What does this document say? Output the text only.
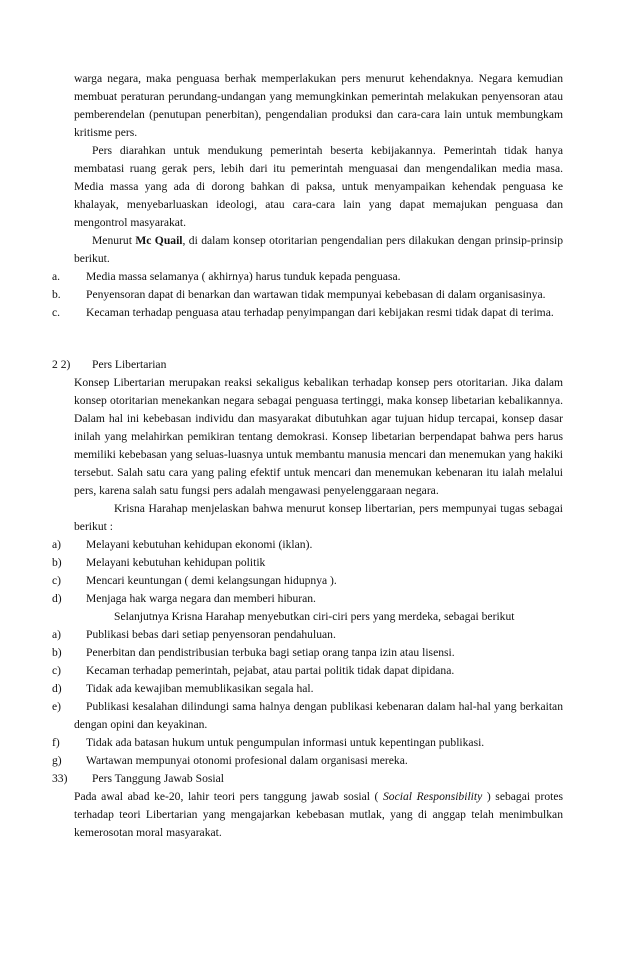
warga negara, maka penguasa berhak memperlakukan pers menurut kehendaknya. Negara kemudian membuat peraturan perundang-undangan yang memungkinkan pemerintah melakukan penyensoran atau pemberendelan (penutupan penerbitan), pengendalian produksi dan cara-cara lain untuk membungkam kritisme pers.

Pers diarahkan untuk mendukung pemerintah beserta kebijakannya. Pemerintah tidak hanya membatasi ruang gerak pers, lebih dari itu pemerintah menguasai dan mengendalikan media masa. Media massa yang ada di dorong bahkan di paksa, untuk menyampaikan kehendak penguasa ke khalayak, menyebarluaskan ideologi, atau cara-cara lain yang dapat memajukan penguasa dan mengontrol masyarakat.

Menurut Mc Quail, di dalam konsep otoritarian pengendalian pers dilakukan dengan prinsip-prinsip berikut.

a.	Media massa selamanya ( akhirnya) harus tunduk kepada penguasa.
b.	Penyensoran dapat di benarkan dan wartawan tidak mempunyai kebebasan di dalam organisasinya.
c.	Kecaman terhadap penguasa atau terhadap penyimpangan dari kebijakan resmi tidak dapat di terima.
2 2) Pers Libertarian

Konsep Libertarian merupakan reaksi sekaligus kebalikan terhadap konsep pers otoritarian. Jika dalam konsep otoritarian menekankan negara sebagai penguasa tertinggi, maka konsep libetarian kebalikannya. Dalam hal ini kebebasan individu dan masyarakat dibutuhkan agar tujuan hidup tercapai, konsep dasar inilah yang melahirkan pemikiran tentang demokrasi. Konsep libetarian berpendapat bahwa pers harus memiliki kebebasan yang seluas-luasnya untuk membantu manusia mencari dan menemukan yang hakiki tersebut. Salah satu cara yang paling efektif untuk mencari dan menemukan kebenaran itu ialah melalui pers, karena salah satu fungsi pers adalah mengawasi penyelenggaraan negara.

Krisna Harahap menjelaskan bahwa menurut konsep libertarian, pers mempunyai tugas sebagai berikut :

a)	Melayani kebutuhan kehidupan ekonomi (iklan).
b)	Melayani kebutuhan kehidupan politik
c)	Mencari keuntungan ( demi kelangsungan hidupnya ).
d)	Menjaga hak warga negara dan memberi hiburan.

Selanjutnya Krisna Harahap menyebutkan ciri-ciri pers yang merdeka, sebagai berikut

a)	Publikasi bebas dari setiap penyensoran pendahuluan.
b)	Penerbitan dan pendistribusian terbuka bagi setiap orang tanpa izin atau lisensi.
c)	Kecaman terhadap pemerintah, pejabat, atau partai politik tidak dapat dipidana.
d)	Tidak ada kewajiban memublikasikan segala hal.
e)	Publikasi kesalahan dilindungi sama halnya dengan publikasi kebenaran dalam hal-hal yang berkaitan dengan opini dan keyakinan.
f)	Tidak ada batasan hukum untuk pengumpulan informasi untuk kepentingan publikasi.
g)	Wartawan mempunyai otonomi profesional dalam organisasi mereka.
33) Pers Tanggung Jawab Sosial

Pada awal abad ke-20, lahir teori pers tanggung jawab sosial ( Social Responsibility ) sebagai protes terhadap teori Libertarian yang mengajarkan kebebasan mutlak, yang di anggap telah menimbulkan kemerosotan moral masyarakat.
